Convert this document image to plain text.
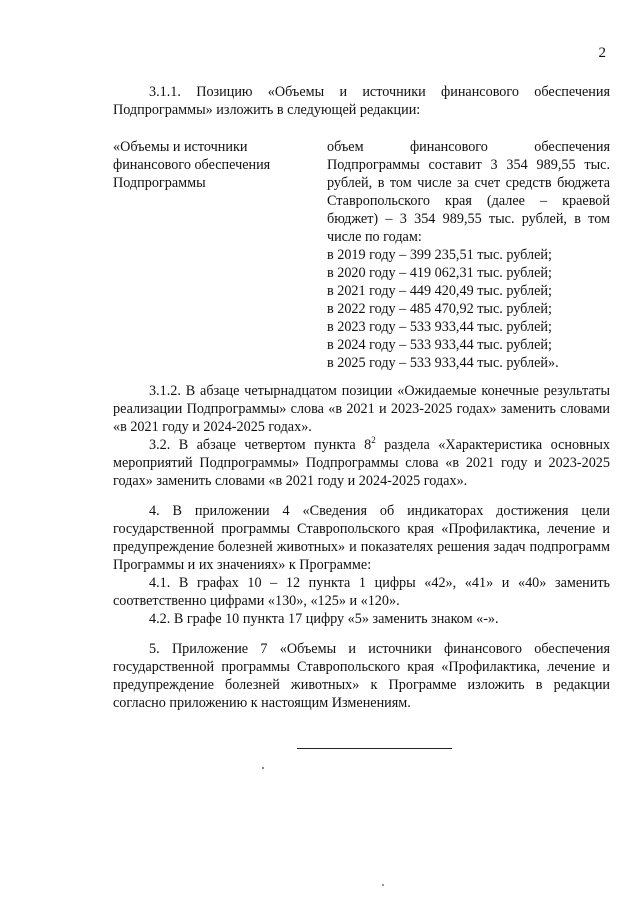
2

3.1.1. Позицию «Объемы и источники финансового обеспечения Подпрограммы» изложить в следующей редакции:

«Объемы и источники
финансового обеспечения
Подпрограммы

объем финансового обеспечения Подпрограммы составит 3 354 989,55 тыс. рублей, в том числе за счет средств бюджета Ставропольского края (далее – краевой бюджет) – 3 354 989,55 тыс. рублей, в том числе по годам:

в 2019 году – 399 235,51 тыс. рублей;

в 2020 году – 419 062,31 тыс. рублей;

в 2021 году – 449 420,49 тыс. рублей;

в 2022 году – 485 470,92 тыс. рублей;

в 2023 году – 533 933,44 тыс. рублей;

в 2024 году – 533 933,44 тыс. рублей;

в 2025 году – 533 933,44 тыс. рублей».

3.1.2. В абзаце четырнадцатом позиции «Ожидаемые конечные результаты реализации Подпрограммы» слова «в 2021 и 2023-2025 годах» заменить словами «в 2021 году и 2024-2025 годах».

3.2. В абзаце четвертом пункта $8^2$ раздела «Характеристика основных мероприятий Подпрограммы» Подпрограммы слова «в 2021 году и 2023-2025 годах» заменить словами «в 2021 году и 2024-2025 годах».

4. В приложении 4 «Сведения об индикаторах достижения цели государственной программы Ставропольского края «Профилактика, лечение и предупреждение болезней животных» и показателях решения задач подпрограмм Программы и их значениях» к Программе:

4.1. В графах 10 – 12 пункта 1 цифры «42», «41» и «40» заменить соответственно цифрами «130», «125» и «120».

4.2. В графе 10 пункта 17 цифру «5» заменить знаком «-».

5. Приложение 7 «Объемы и источники финансового обеспечения государственной программы Ставропольского края «Профилактика, лечение и предупреждение болезней животных» к Программе изложить в редакции согласно приложению к настоящим Изменениям.
